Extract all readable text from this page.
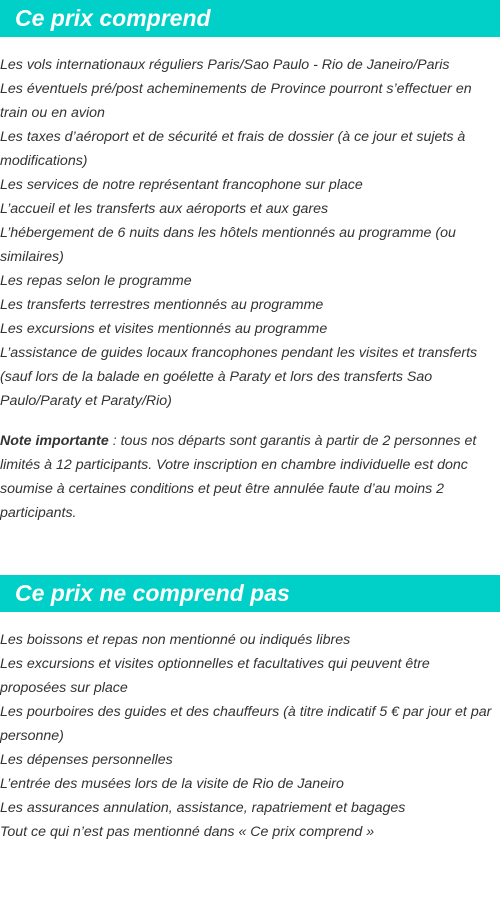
Ce prix comprend

Les vols internationaux réguliers Paris/Sao Paulo - Rio de Janeiro/Paris

Les éventuels pré/post acheminements de Province pourront s’effectuer en train ou en avion

Les taxes d’aéroport et de sécurité et frais de dossier (à ce jour et sujets à modifications)

Les services de notre représentant francophone sur place

L’accueil et les transferts aux aéroports et aux gares

L’hébergement de 6 nuits dans les hôtels mentionnés au programme (ou similaires)

Les repas selon le programme

Les transferts terrestres mentionnés au programme

Les excursions et visites mentionnés au programme

L’assistance de guides locaux francophones pendant les visites et transferts (sauf lors de la balade en goélette à Paraty et lors des transferts Sao Paulo/Paraty et Paraty/Rio)

Note importante : tous nos départs sont garantis à partir de 2 personnes et limités à 12 participants. Votre inscription en chambre individuelle est donc soumise à certaines conditions et peut être annulée faute d’au moins 2 participants.

Ce prix ne comprend pas

Les boissons et repas non mentionné ou indiqués libres

Les excursions et visites optionnelles et facultatives qui peuvent être proposées sur place

Les pourboires des guides et des chauffeurs (à titre indicatif 5 € par jour et par personne)

Les dépenses personnelles

L’entrée des musées lors de la visite de Rio de Janeiro

Les assurances annulation, assistance, rapatriement et bagages

Tout ce qui n’est pas mentionné dans « Ce prix comprend »
